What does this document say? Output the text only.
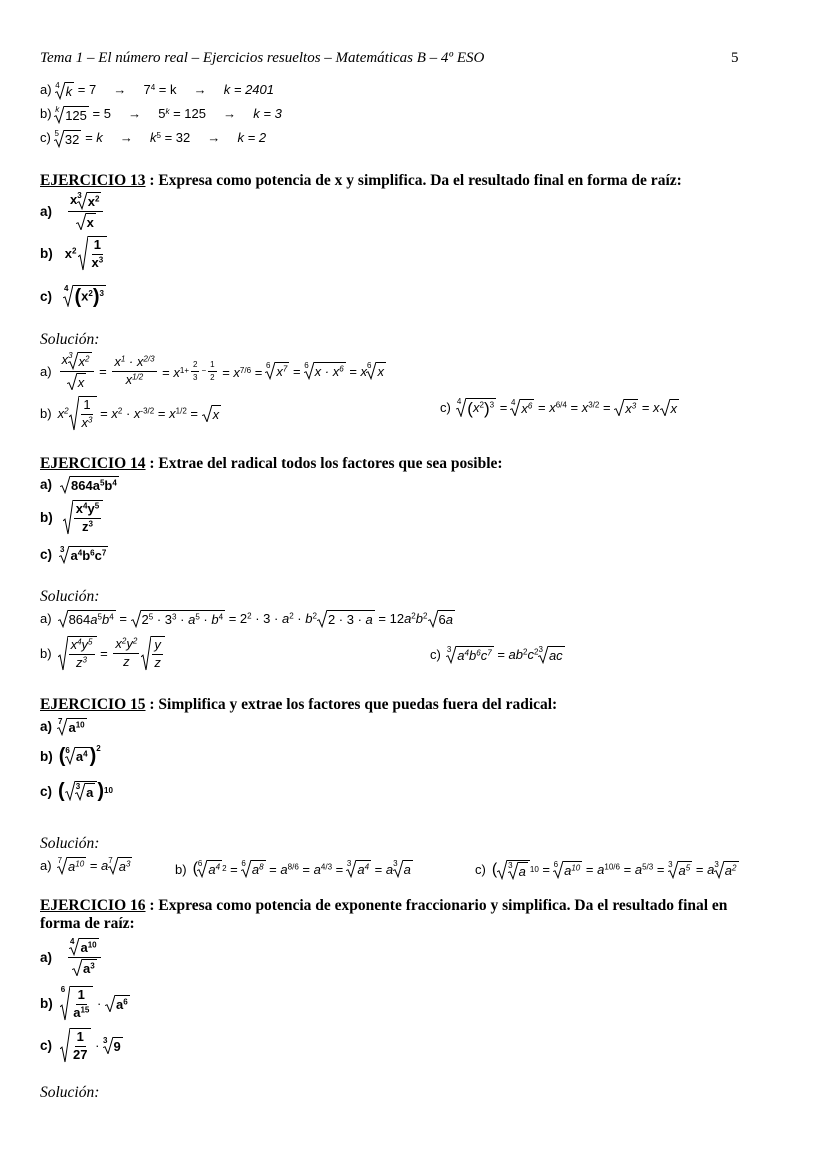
Tema 1 – El número real – Ejercicios resueltos – Matemáticas B – 4º ESO	5
a) 4 $k = 7 \to 7^4 = k \to k = 2401$
b) k $125 = 5 \to 5^k = 125 \to k = 3$
c) 5 $32 = k \to k^5 = 32 \to k = 2$
EJERCICIO 13 : Expresa como potencia de x y simplifica. Da el resultado final en forma de raíz:
$a) \frac{x 3 x^2}{x}$
b) $x^2 \frac{1}{x^3}$
c) 4 $(x^2)^3$
Solución:
$a) \frac{x 3 x^2}{x} = \frac{x^1 \cdot x^{2/3}}{x^{1/2}} = x^{1+ \frac{2}{3} - \frac{1}{2}} = x^{7/6} = 6$ $x^7 = 6$ $x \cdot x^6 = x$ 6 x
b) $x^2 \frac{1}{x^3} = x^2 \cdot x^{-3/2} = x^{1/2} = x$	c) 4 $(x^2)^3 = 4$ $x^6 = x^{6/4} = x^{3/2} = x^3 = x$ x
EJERCICIO 14 : Extrae del radical todos los factores que sea posible:
a) $864a^5b^4$
$b) \frac{x^4y^5}{z^3}$
c) 3 $a^4b^6c^7$
Solución:
a) $864a^5b^4 = 2^5 \cdot 3^3 \cdot a^5 \cdot b^4 = 2^2 \cdot 3 \cdot a^2 \cdot b^2$ $2 \cdot 3 \cdot a = 12a^2b^2$ 6a
$b) \frac{x^4y^5}{z^3} = \frac{x^2y^2}{z} \frac{y}{z}$	c) 3 $a^4b^6c^7 = ab^2c^2$ 3 ac
EJERCICIO 15 : Simplifica y extrae los factores que puedas fuera del radical:
a) 7 $a^{10}$
b) ( 6 $a^4$ ) 2
c) ( 3 a ) 10
Solución:
a) 7 $a^{10} = a$ 7 $a^3$	b) ( 6 $a^4$ 2 = 6 $a^8 = a^{8/6} = a^{4/3} = 3$ $a^4 = a$ 3 a	c) ( 3 a 10 = 6 $a^{10} = a^{10/6} = a^{5/3} = 3$ $a^5 = a$ 3 $a^2$
EJERCICIO 16 : Expresa como potencia de exponente fraccionario y simplifica. Da el resultado final en
forma de raíz:
$a) \frac{4 a^{10}}{a^3}$
b)
$6 \frac{1}{a^{15}} \cdot a^6$
$c) \frac{1}{27} \cdot 3$ 9
Solución:
